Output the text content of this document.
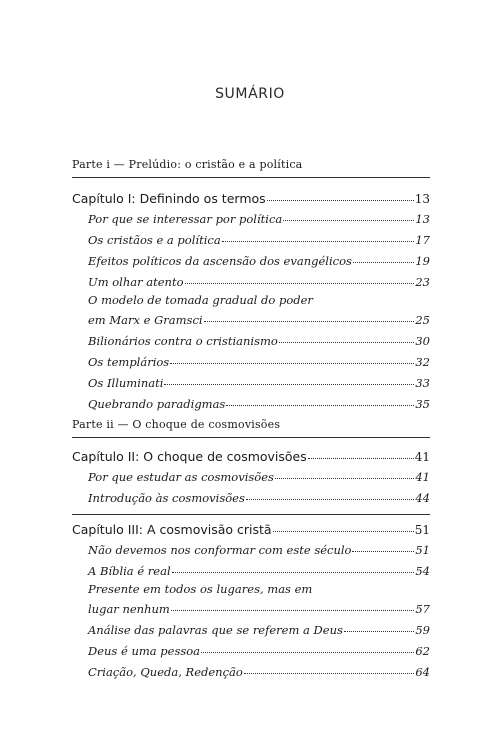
SUMÁRIO
Parte i — Prelúdio: o cristão e a política
Capítulo I: Definindo os termos	13
Por que se interessar por política	13
Os cristãos e a política	17
Efeitos políticos da ascensão dos evangélicos	19
Um olhar atento	23
O modelo de tomada gradual do poder
em Marx e Gramsci	25
Bilionários contra o cristianismo	30
Os templários	32
Os Illuminati	33
Quebrando paradigmas	35
Parte ii — O choque de cosmovisões
Capítulo II: O choque de cosmovisões	41
Por que estudar as cosmovisões	41
Introdução às cosmovisões	44
Capítulo III: A cosmovisão cristã	51
Não devemos nos conformar com este século	51
A Bíblia é real	54
Presente em todos os lugares, mas em
lugar nenhum	57
Análise das palavras que se referem a Deus	59
Deus é uma pessoa	62
Criação, Queda, Redenção	64
